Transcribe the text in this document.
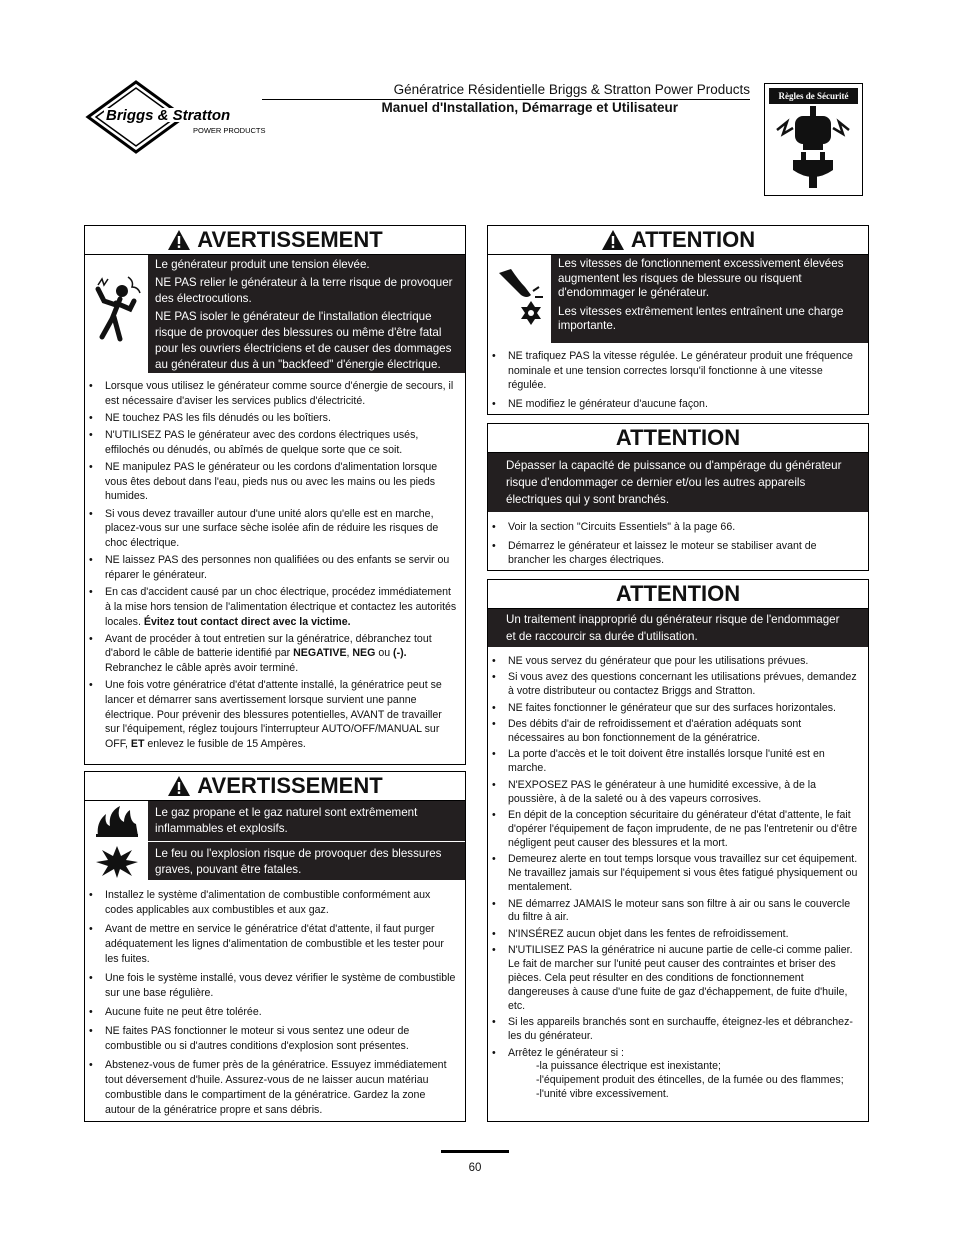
Briggs & Stratton
POWER PRODUCTS
Génératrice Résidentielle Briggs & Stratton Power Products
Manuel d'Installation, Démarrage et Utilisateur
Règles de Sécurité
AVERTISSEMENT

Le générateur produit une tension élevée.

NE PAS relier le générateur à la terre risque de provoquer des électrocutions.

NE PAS isoler le générateur de l'installation électrique risque de provoquer des blessures ou même d'être fatal pour les ouvriers électriciens et de causer des dommages au générateur dus à un "backfeed" d'énergie électrique.

• Lorsque vous utilisez le générateur comme source d'énergie de secours, il est nécessaire d'aviser les services publics d'électricité.
• NE touchez PAS les fils dénudés ou les boîtiers.
• N'UTILISEZ PAS le générateur avec des cordons électriques usés, effilochés ou dénudés, ou abîmés de quelque sorte que ce soit.
• NE manipulez PAS le générateur ou les cordons d'alimentation lorsque vous êtes debout dans l'eau, pieds nus ou avec les mains ou les pieds humides.
• Si vous devez travailler autour d'une unité alors qu'elle est en marche, placez-vous sur une surface sèche isolée afin de réduire les risques de choc électrique.
• NE laissez PAS des personnes non qualifiées ou des enfants se servir ou réparer le générateur.
• En cas d'accident causé par un choc électrique, procédez immédiatement à la mise hors tension de l'alimentation électrique et contactez les autorités locales. Évitez tout contact direct avec la victime.
• Avant de procéder à tout entretien sur la génératrice, débranchez tout d'abord le câble de batterie identifié par NEGATIVE, NEG ou (-). Rebranchez le câble après avoir terminé.
• Une fois votre génératrice d'état d'attente installé, la génératrice peut se lancer et démarrer sans avertissement lorsque survient une panne électrique. Pour prévenir des blessures potentielles, AVANT de travailler sur l'équipement, réglez toujours l'interrupteur AUTO/OFF/MANUAL sur OFF, ET enlevez le fusible de 15 Ampères.
AVERTISSEMENT
Le gaz propane et le gaz naturel sont extrêmement inflammables et explosifs.
Le feu ou l'explosion risque de provoquer des blessures graves, pouvant être fatales.
• Installez le système d'alimentation de combustible conformément aux codes applicables aux combustibles et aux gaz.
• Avant de mettre en service le génératrice d'état d'attente, il faut purger adéquatement les lignes d'alimentation de combustible et les tester pour les fuites.
• Une fois le système installé, vous devez vérifier le système de combustible sur une base régulière.
• Aucune fuite ne peut être tolérée.
• NE faites PAS fonctionner le moteur si vous sentez une odeur de combustible ou si d'autres conditions d'explosion sont présentes.
• Abstenez-vous de fumer près de la génératrice. Essuyez immédiatement tout déversement d'huile. Assurez-vous de ne laisser aucun matériau combustible dans le compartiment de la génératrice. Gardez la zone autour de la génératrice propre et sans débris.
ATTENTION

Les vitesses de fonctionnement excessivement élevées augmentent les risques de blessure ou risquent d'endommager le générateur.

Les vitesses extrêmement lentes entraînent une charge importante.

• NE trafiquez PAS la vitesse régulée. Le générateur produit une fréquence nominale et une tension correctes lorsqu'il fonctionne à une vitesse régulée.
• NE modifiez le générateur d'aucune façon.
ATTENTION
Dépasser la capacité de puissance ou d'ampérage du générateur risque d'endommager ce dernier et/ou les autres appareils électriques qui y sont branchés.
• Voir la section "Circuits Essentiels" à la page 66.
• Démarrez le générateur et laissez le moteur se stabiliser avant de brancher les charges électriques.
ATTENTION
Un traitement inapproprié du générateur risque de l'endommager et de raccourcir sa durée d'utilisation.
• NE vous servez du générateur que pour les utilisations prévues.
• Si vous avez des questions concernant les utilisations prévues, demandez à votre distributeur ou contactez Briggs and Stratton.
• NE faites fonctionner le générateur que sur des surfaces horizontales.
• Des débits d'air de refroidissement et d'aération adéquats sont nécessaires au bon fonctionnement de la génératrice.
• La porte d'accès et le toit doivent être installés lorsque l'unité est en marche.
• N'EXPOSEZ PAS le générateur à une humidité excessive, à de la poussière, à de la saleté ou à des vapeurs corrosives.
• En dépit de la conception sécuritaire du générateur d'état d'attente, le fait d'opérer l'équipement de façon imprudente, de ne pas l'entretenir ou d'être négligent peut causer des blessures et la mort.
• Demeurez alerte en tout temps lorsque vous travaillez sur cet équipement. Ne travaillez jamais sur l'équipement si vous êtes fatigué physiquement ou mentalement.
• NE démarrez JAMAIS le moteur sans son filtre à air ou sans le couvercle du filtre à air.
• N'INSÉREZ aucun objet dans les fentes de refroidissement.
• N'UTILISEZ PAS la génératrice ni aucune partie de celle-ci comme palier. Le fait de marcher sur l'unité peut causer des contraintes et briser des pièces. Cela peut résulter en des conditions de fonctionnement dangereuses à cause d'une fuite de gaz d'échappement, de fuite d'huile, etc.
• Si les appareils branchés sont en surchauffe, éteignez-les et débranchez-les du générateur.
• Arrêtez le générateur si :
-la puissance électrique est inexistante;
-l'équipement produit des étincelles, de la fumée ou des flammes;
-l'unité vibre excessivement.
60
